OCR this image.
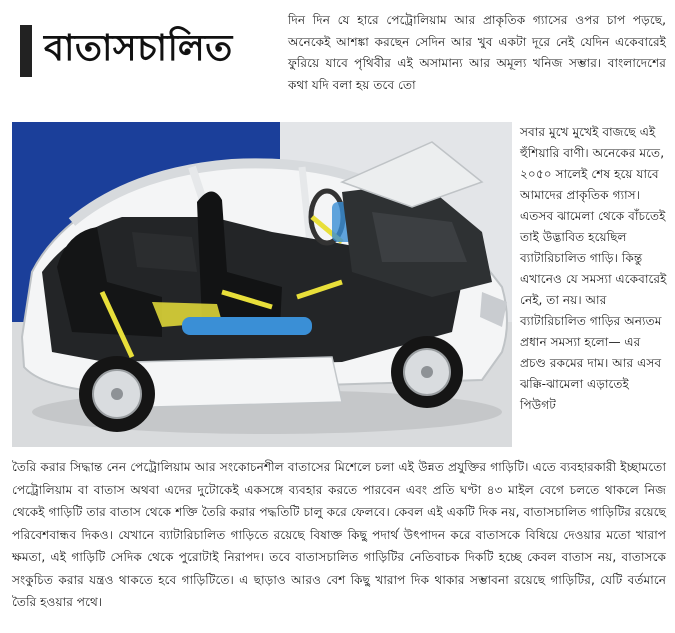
বাতাসচালিত

দিন দিন যে হারে পেট্রোলিয়াম আর প্রাকৃতিক গ্যাসের ওপর চাপ পড়ছে, অনেকেই আশঙ্কা করছেন সেদিন আর খুব একটা দূরে নেই যেদিন একেবারেই ফুরিয়ে যাবে পৃথিবীর এই অসামান্য আর অমূল্য খনিজ সম্ভার। বাংলাদেশের কথা যদি বলা হয় তবে তো

সবার মুখে মুখেই বাজছে এই হুঁশিয়ারি বাণী। অনেকের মতে, ২০৫০ সালেই শেষ হয়ে যাবে আমাদের প্রাকৃতিক গ্যাস। এতসব ঝামেলা থেকে বাঁচতেই তাই উদ্ভাবিত হয়েছিল ব্যাটারিচালিত গাড়ি। কিন্তু এখানেও যে সমস্যা একেবারেই নেই, তা নয়। আর ব্যাটারিচালিত গাড়ির অন্যতম প্রধান সমস্যা হলো— এর প্রচণ্ড রকমের দাম। আর এসব ঝক্কি-ঝামেলা এড়াতেই পিউগট

তৈরি করার সিদ্ধান্ত নেন পেট্রোলিয়াম আর সংকোচনশীল বাতাসের মিশেলে চলা এই উন্নত প্রযুক্তির গাড়িটি। এতে ব্যবহারকারী ইচ্ছামতো পেট্রোলিয়াম বা বাতাস অথবা এদের দুটোকেই একসঙ্গে ব্যবহার করতে পারবেন এবং প্রতি ঘণ্টা ৪৩ মাইল বেগে চলতে থাকলে নিজ থেকেই গাড়িটি তার বাতাস থেকে শক্তি তৈরি করার পদ্ধতিটি চালু করে ফেলবে। কেবল এই একটি দিক নয়, বাতাসচালিত গাড়িটির রয়েছে পরিবেশবান্ধব দিকও। যেখানে ব্যাটারিচালিত গাড়িতে রয়েছে বিষাক্ত কিছু পদার্থ উৎপাদন করে বাতাসকে বিষিয়ে দেওয়ার মতো খারাপ ক্ষমতা, এই গাড়িটি সেদিক থেকে পুরোটাই নিরাপদ। তবে বাতাসচালিত গাড়িটির নেতিবাচক দিকটি হচ্ছে কেবল বাতাস নয়, বাতাসকে সংকুচিত করার যন্ত্রও থাকতে হবে গাড়িটিতে। এ ছাড়াও আরও বেশ কিছু খারাপ দিক থাকার সম্ভাবনা রয়েছে গাড়িটির, যেটি বর্তমানে তৈরি হওয়ার পথে।
